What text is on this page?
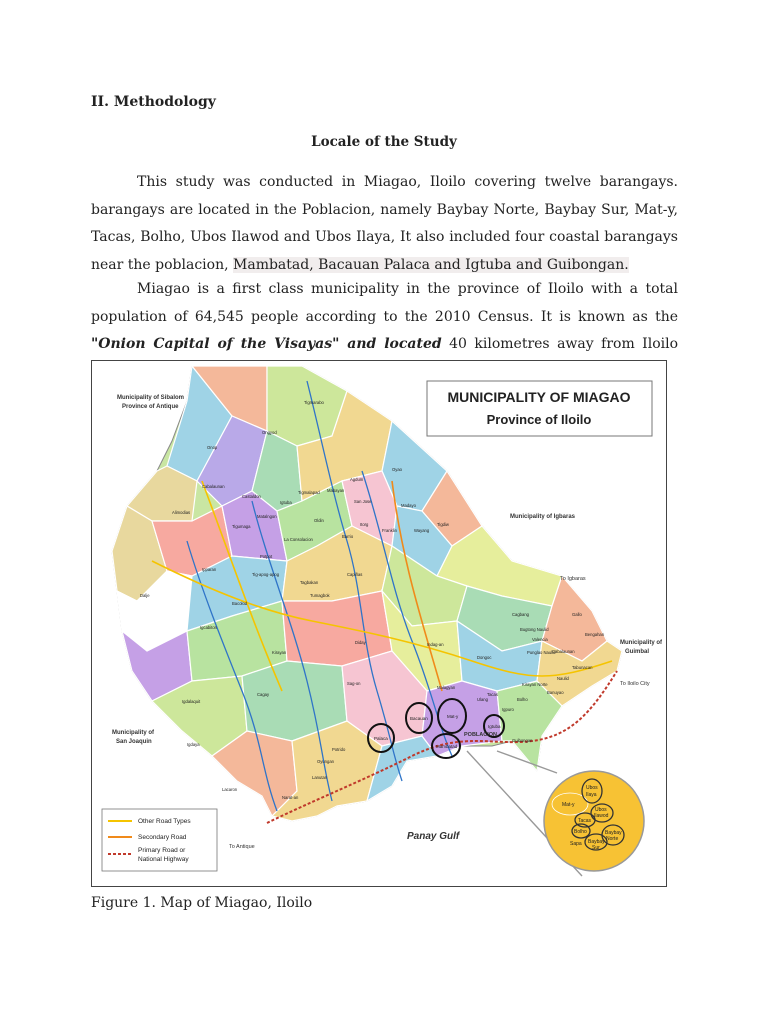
II. Methodology
Locale of the Study
This study was conducted in Miagao, Iloilo covering twelve barangays. barangays are located in the Poblacion, namely Baybay Norte, Baybay Sur, Mat-y, Tacas, Bolho, Ubos Ilawod and Ubos Ilaya, It also included four coastal barangays near the poblacion, Mambatad, Bacauan Palaca and Igtuba and Guibongan.
Miagao is a first class municipality in the province of Iloilo with a total population of 64,545 people according to the 2010 Census. It is known as the "Onion Capital of the Visayas" and located 40 kilometres away from Iloilo
MUNICIPALITY OF MIAGAO
Province of Iloilo
Other Road Types
Secondary Road
Primary Road or
National Highway
Municipality of Sibalom
Province of Antique
Municipality of Igbaras
Municipality of
Guimbal
Municipality of
San Joaquin
To Igbaras
To Iloilo City
To Antique
POBLACION
Panay Gulf
Palaca
Bacauan	Mat-y
Igtuba
Mambatad
Mat-y
Ubos
Ilaya
Ubos
Ilawod
Tacas
Bolho	Baybay
Norte
Baybay
Sur
Sapa
Onop
Ongyod
Tigmarabo
Cabalaunan
Castaldon
Alimodias
Tigumaga
Matalngon
Igtuba
Tigmalapad Mabayan
Agdum
Oyao
Madayo
San Jose
La Consolacion
Oldin
Barrio
Itorg
Franklin	Wayang
Tigdiw
Dalje
Potpot
Tig-apog-apog
Tagbakan
Capiñas
Tumagbok
Bacolod
Ipparan
Kirayan
Diday
Igcabiton
Indag-an
Cagbang
Naulid
Tabunacan
Valencia
Dongoc
Guibongan
Lanutan
Narat-an
Igdalaquit
Lacaron
Cagay
Sag-on
Malagyan
Igdaya
Oyungan
Potrido
Kirayan Norte
Tacas
Gallo
Bengahan
Bugtong Naulid
Punglao Naulid
Cabalaunan
Banuyao
Igpuro
Ulang	Bolho
Figure 1. Map of Miagao, Iloilo
